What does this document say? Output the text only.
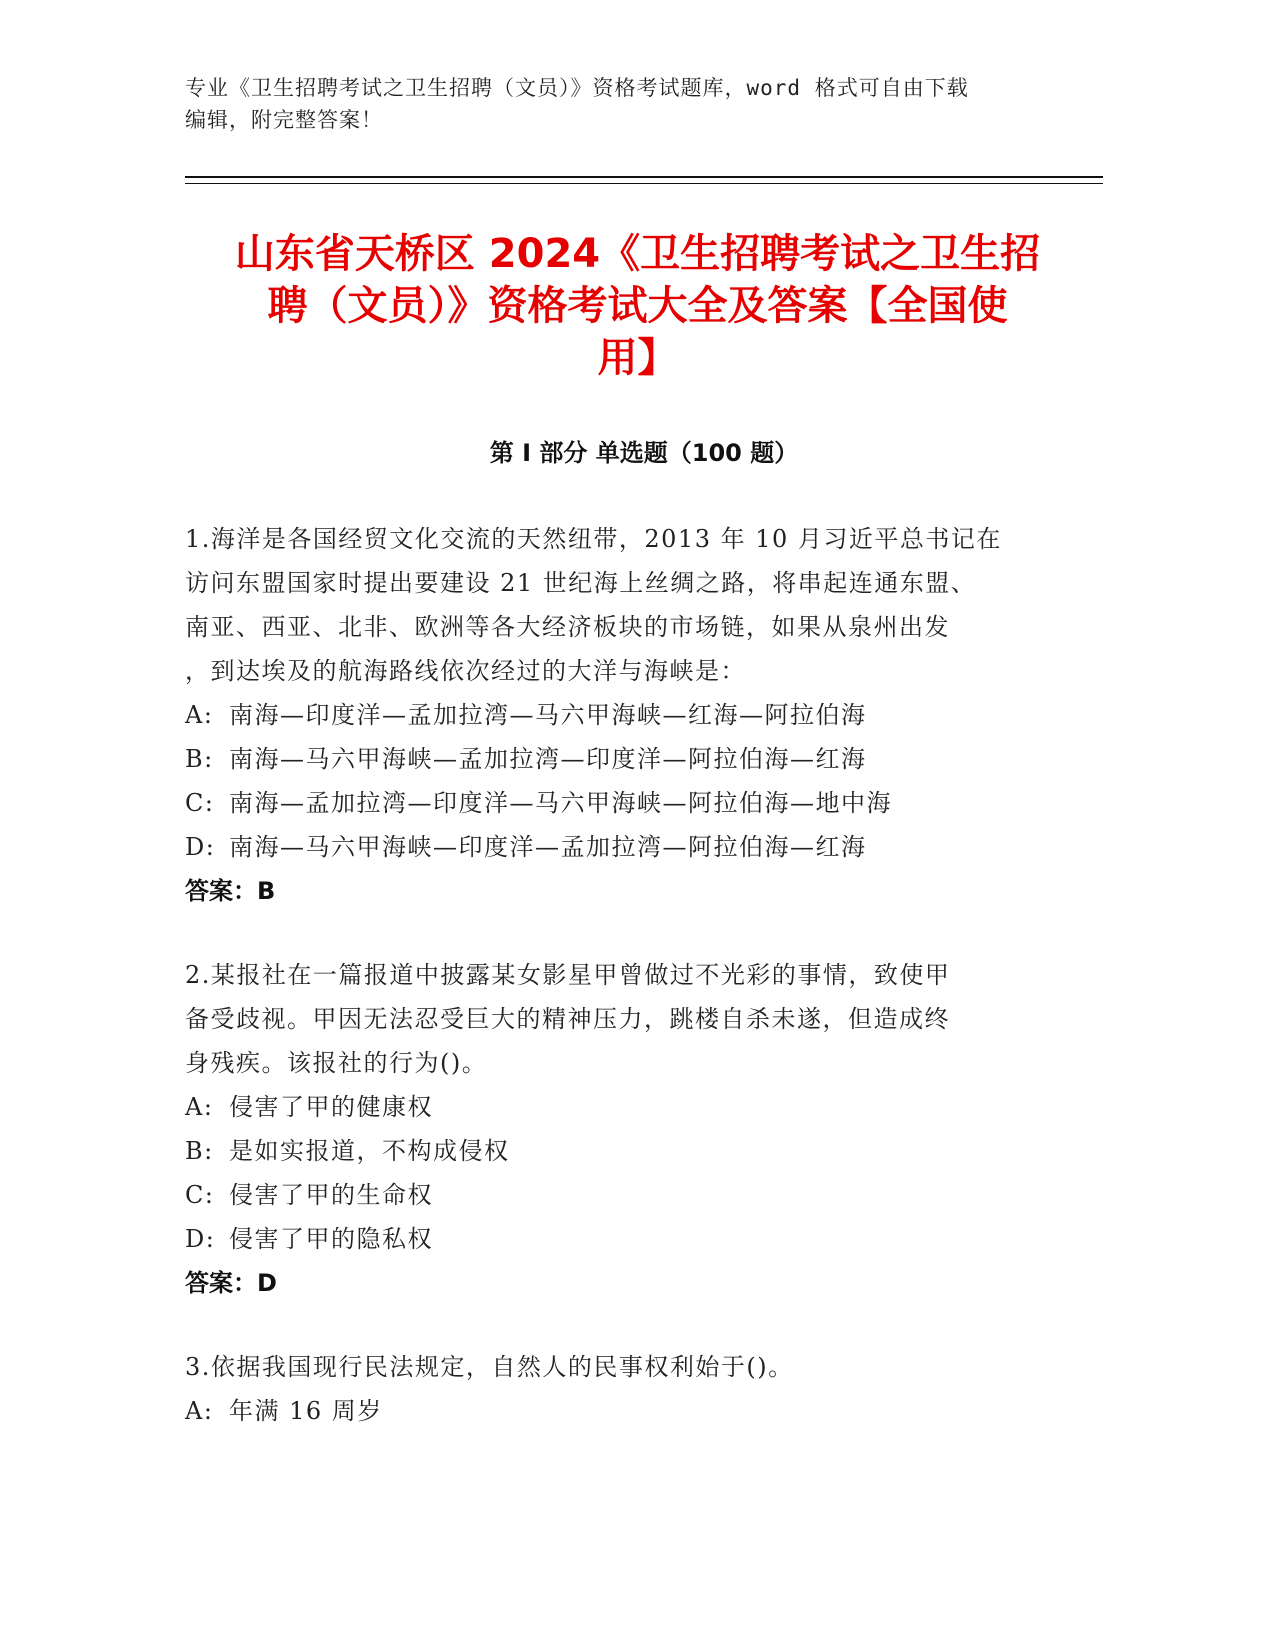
专业《卫生招聘考试之卫生招聘（文员）》资格考试题库，word 格式可自由下载
编辑，附完整答案！
山东省天桥区 2024《卫生招聘考试之卫生招
聘（文员）》资格考试大全及答案【全国使
用】
第 I 部分 单选题（100 题）
1.海洋是各国经贸文化交流的天然纽带，2013 年 10 月习近平总书记在
访问东盟国家时提出要建设 21 世纪海上丝绸之路，将串起连通东盟、
南亚、西亚、北非、欧洲等各大经济板块的市场链，如果从泉州出发
，到达埃及的航海路线依次经过的大洋与海峡是：
A: 南海—印度洋—孟加拉湾—马六甲海峡—红海—阿拉伯海
B: 南海—马六甲海峡—孟加拉湾—印度洋—阿拉伯海—红海
C: 南海—孟加拉湾—印度洋—马六甲海峡—阿拉伯海—地中海
D: 南海—马六甲海峡—印度洋—孟加拉湾—阿拉伯海—红海
答案：B
2.某报社在一篇报道中披露某女影星甲曾做过不光彩的事情，致使甲
备受歧视。甲因无法忍受巨大的精神压力，跳楼自杀未遂，但造成终
身残疾。该报社的行为()。
A: 侵害了甲的健康权
B: 是如实报道，不构成侵权
C: 侵害了甲的生命权
D: 侵害了甲的隐私权
答案：D
3.依据我国现行民法规定，自然人的民事权利始于()。
A: 年满 16 周岁
